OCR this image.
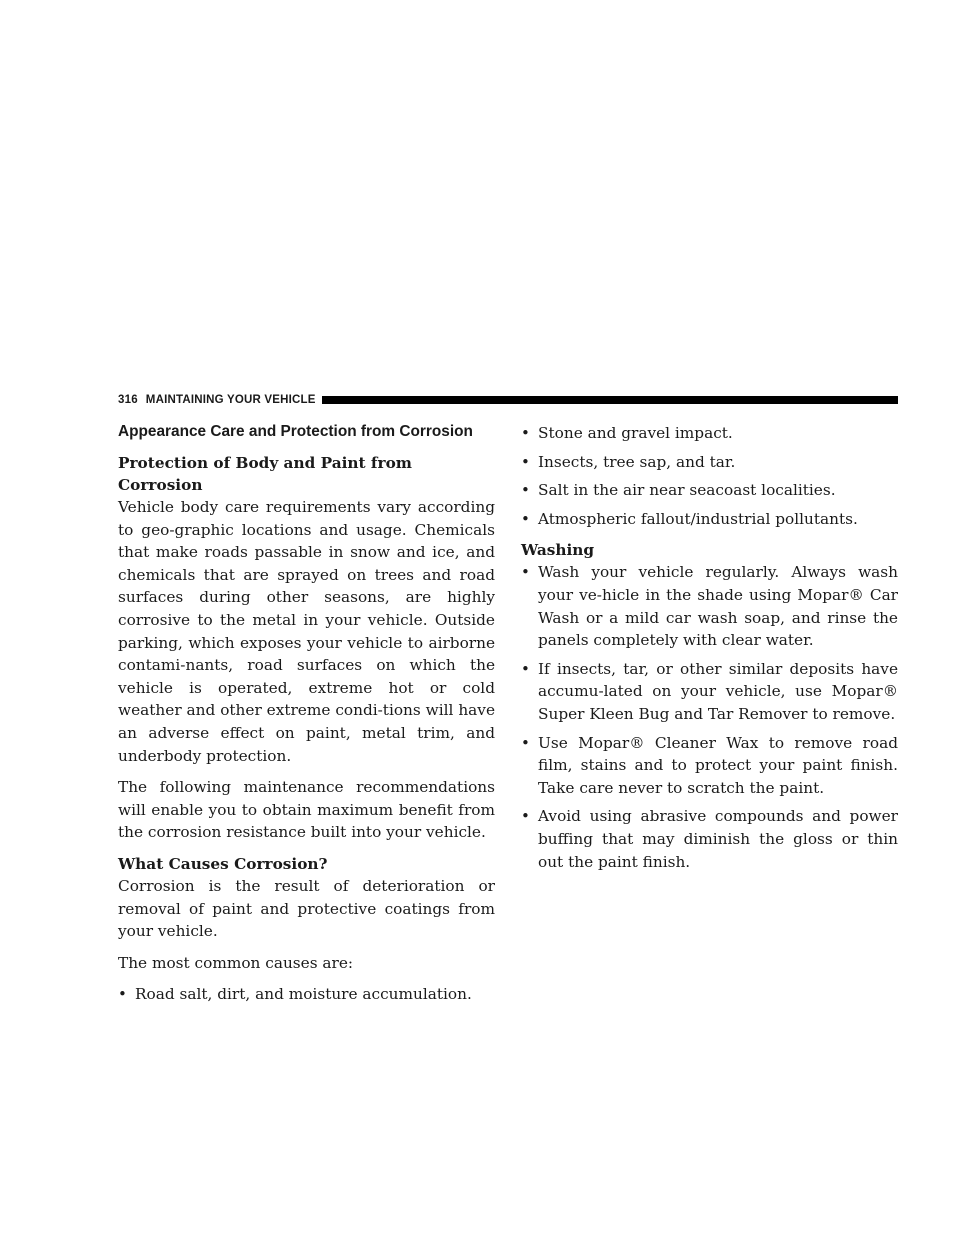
316 MAINTAINING YOUR VEHICLE
Appearance Care and Protection from Corrosion
Protection of Body and Paint from Corrosion

Vehicle body care requirements vary according to geo-graphic locations and usage. Chemicals that make roads passable in snow and ice, and chemicals that are sprayed on trees and road surfaces during other seasons, are highly corrosive to the metal in your vehicle. Outside parking, which exposes your vehicle to airborne contami-nants, road surfaces on which the vehicle is operated, extreme hot or cold weather and other extreme condi-tions will have an adverse effect on paint, metal trim, and underbody protection.

The following maintenance recommendations will enable you to obtain maximum benefit from the corrosion resistance built into your vehicle.

What Causes Corrosion?

Corrosion is the result of deterioration or removal of paint and protective coatings from your vehicle.

The most common causes are:

• Road salt, dirt, and moisture accumulation.
• Stone and gravel impact.
• Insects, tree sap, and tar.
• Salt in the air near seacoast localities.
• Atmospheric fallout/industrial pollutants.
Washing
• Wash your vehicle regularly. Always wash your ve-hicle in the shade using Mopar® Car Wash or a mild car wash soap, and rinse the panels completely with clear water.
• If insects, tar, or other similar deposits have accumu-lated on your vehicle, use Mopar® Super Kleen Bug and Tar Remover to remove.
• Use Mopar® Cleaner Wax to remove road film, stains and to protect your paint finish. Take care never to scratch the paint.
• Avoid using abrasive compounds and power buffing that may diminish the gloss or thin out the paint finish.
